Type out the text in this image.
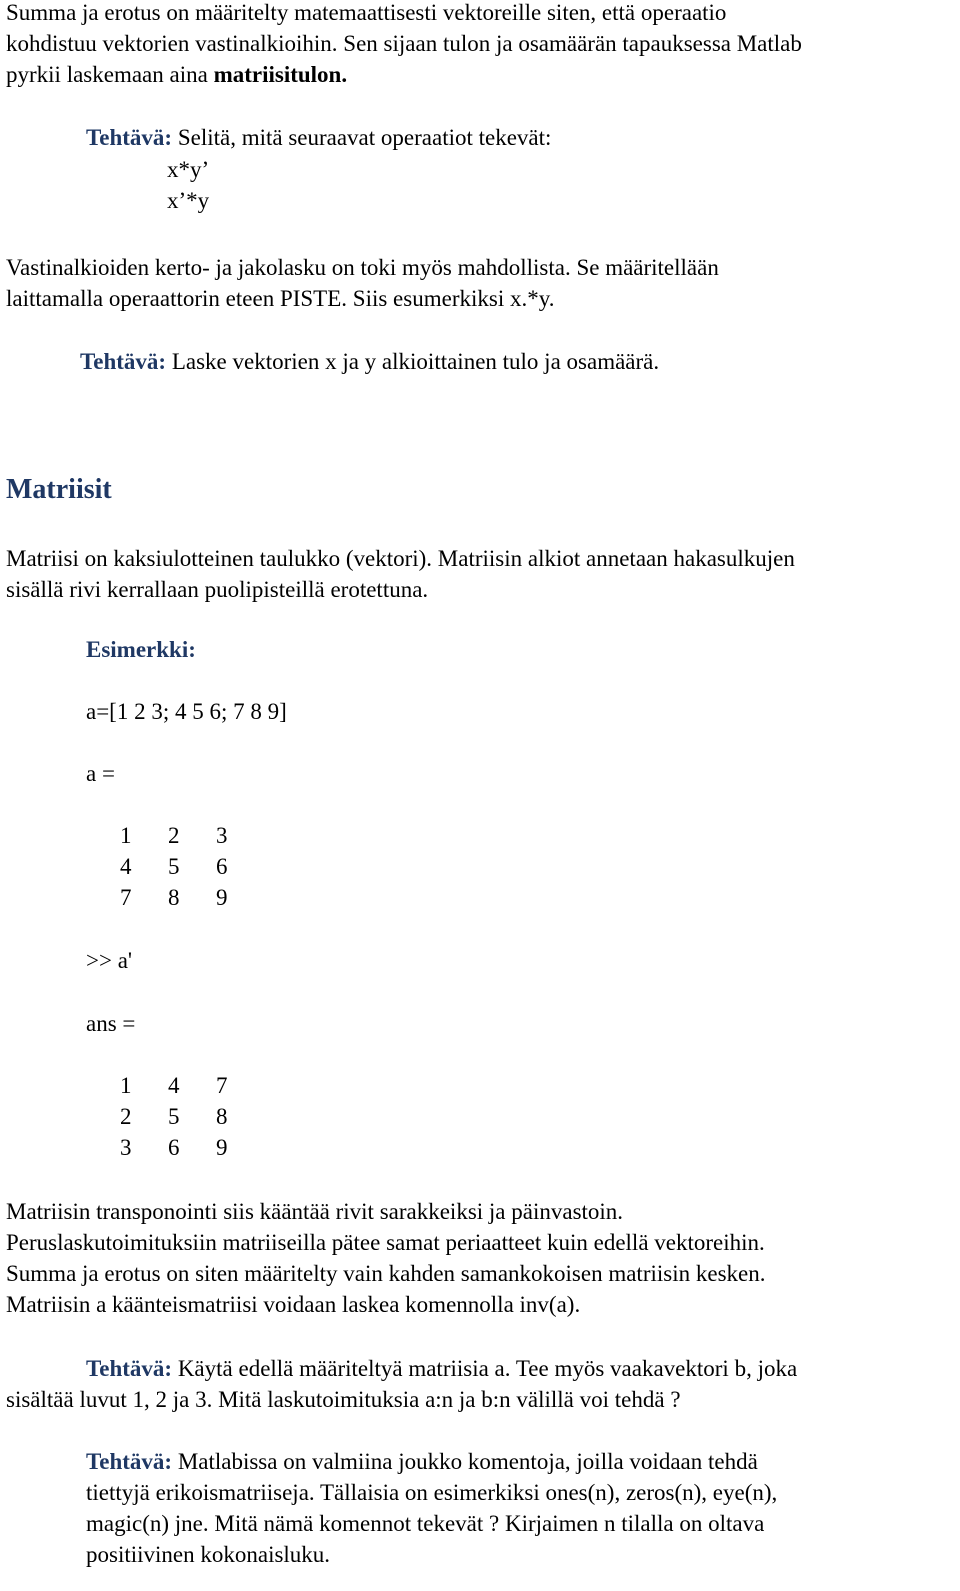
Summa ja erotus on määritelty matemaattisesti vektoreille siten, että operaatio
kohdistuu vektorien vastinalkioihin. Sen sijaan tulon ja osamäärän tapauksessa Matlab
pyrkii laskemaan aina matriisitulon.
Tehtävä: Selitä, mitä seuraavat operaatiot tekevät:
x*y’
x’*y
Vastinalkioiden kerto- ja jakolasku on toki myös mahdollista. Se määritellään
laittamalla operaattorin eteen PISTE. Siis esumerkiksi x.*y.
Tehtävä: Laske vektorien x ja y alkioittainen tulo ja osamäärä.
Matriisit
Matriisi on kaksiulotteinen taulukko (vektori). Matriisin alkiot annetaan hakasulkujen
sisällä rivi kerrallaan puolipisteillä erotettuna.
Esimerkki:
a=[1 2 3; 4 5 6; 7 8 9]
a =
1 2 3
4 5 6
7 8 9
>> a'
ans =
1 4 7
2 5 8
3 6 9
Matriisin transponointi siis kääntää rivit sarakkeiksi ja päinvastoin.
Peruslaskutoimituksiin matriiseilla pätee samat periaatteet kuin edellä vektoreihin.
Summa ja erotus on siten määritelty vain kahden samankokoisen matriisin kesken.
Matriisin a käänteismatriisi voidaan laskea komennolla inv(a).
Tehtävä: Käytä edellä määriteltyä matriisia a. Tee myös vaakavektori b, joka
sisältää luvut 1, 2 ja 3. Mitä laskutoimituksia a:n ja b:n välillä voi tehdä ?
Tehtävä: Matlabissa on valmiina joukko komentoja, joilla voidaan tehdä
tiettyjä erikoismatriiseja. Tällaisia on esimerkiksi ones(n), zeros(n), eye(n),
magic(n) jne. Mitä nämä komennot tekevät ? Kirjaimen n tilalla on oltava
positiivinen kokonaisluku.
